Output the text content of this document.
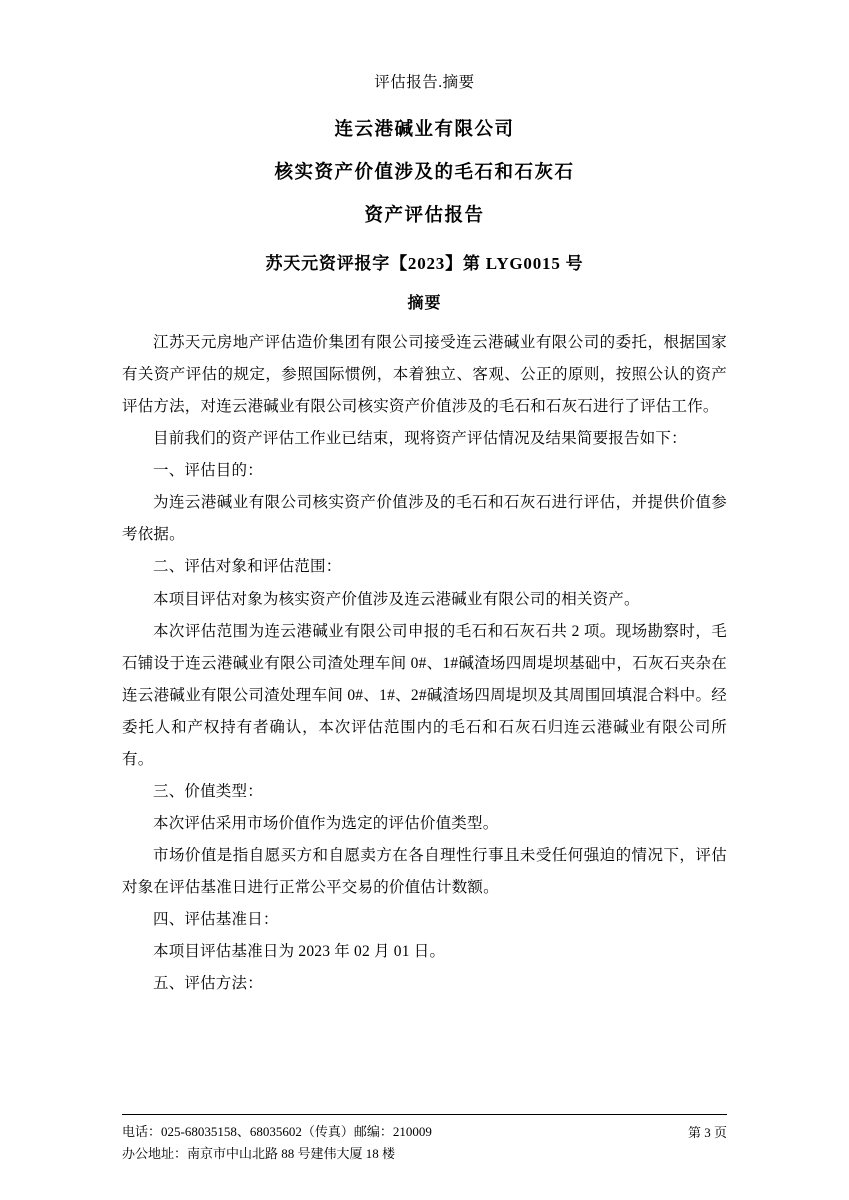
评估报告.摘要
连云港碱业有限公司
核实资产价值涉及的毛石和石灰石
资产评估报告
苏天元资评报字【2023】第 LYG0015 号
摘要

江苏天元房地产评估造价集团有限公司接受连云港碱业有限公司的委托，根据国家有关资产评估的规定，参照国际惯例，本着独立、客观、公正的原则，按照公认的资产评估方法，对连云港碱业有限公司核实资产价值涉及的毛石和石灰石进行了评估工作。

目前我们的资产评估工作业已结束，现将资产评估情况及结果简要报告如下：

一、评估目的：

为连云港碱业有限公司核实资产价值涉及的毛石和石灰石进行评估，并提供价值参考依据。

二、评估对象和评估范围：

本项目评估对象为核实资产价值涉及连云港碱业有限公司的相关资产。

本次评估范围为连云港碱业有限公司申报的毛石和石灰石共 2 项。现场勘察时，毛石铺设于连云港碱业有限公司渣处理车间 0#、1#碱渣场四周堤坝基础中，石灰石夹杂在连云港碱业有限公司渣处理车间 0#、1#、2#碱渣场四周堤坝及其周围回填混合料中。经委托人和产权持有者确认，本次评估范围内的毛石和石灰石归连云港碱业有限公司所有。

三、价值类型：

本次评估采用市场价值作为选定的评估价值类型。

市场价值是指自愿买方和自愿卖方在各自理性行事且未受任何强迫的情况下，评估对象在评估基准日进行正常公平交易的价值估计数额。

四、评估基准日：

本项目评估基准日为 2023 年 02 月 01 日。

五、评估方法：

电话：025-68035158、68035602（传真）邮编：210009
办公地址：南京市中山北路 88 号建伟大厦 18 楼
第 3 页
